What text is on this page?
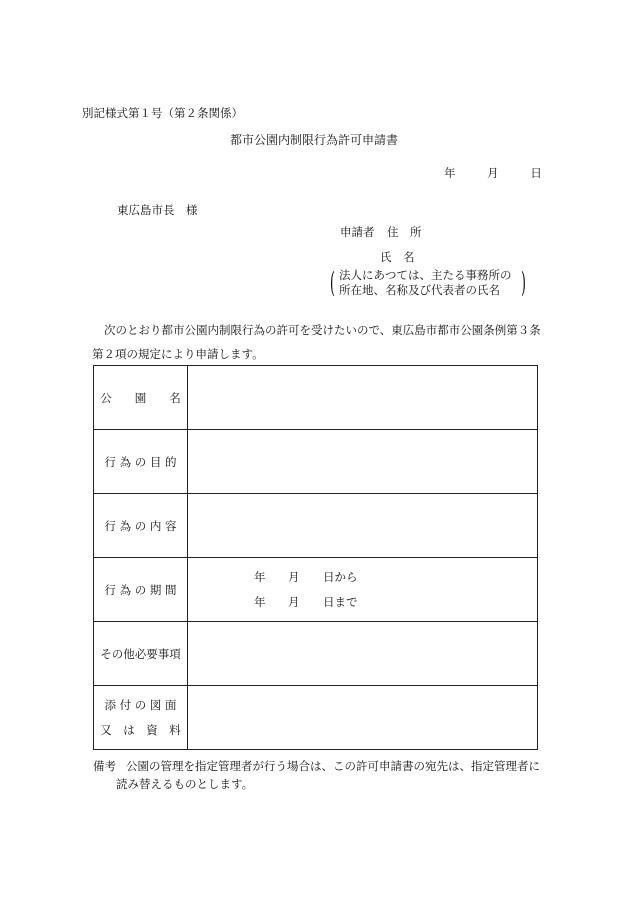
別記様式第１号（第２条関係）
都市公園内制限行為許可申請書
年	月	日
東広島市長　様
申請者 住　所
氏　名
( 法人にあつては、主たる事務所の
所在地、名称及び代表者の氏名 )
次のとおり都市公園内制限行為の許可を受けたいので、東広島市都市公園条例第３条第２項の規定により申請します。
公　　園　　名	
行 為 の 目 的	
行 為 の 内 容	
行 為 の 期 間	年 月 日から
年 月 日まで

その他必要事項	

添 付 の 図 面
又　は　資　料	

備考 公園の管理を指定管理者が行う場合は、この許可申請書の宛先は、指定管理者に
読み替えるものとします。
